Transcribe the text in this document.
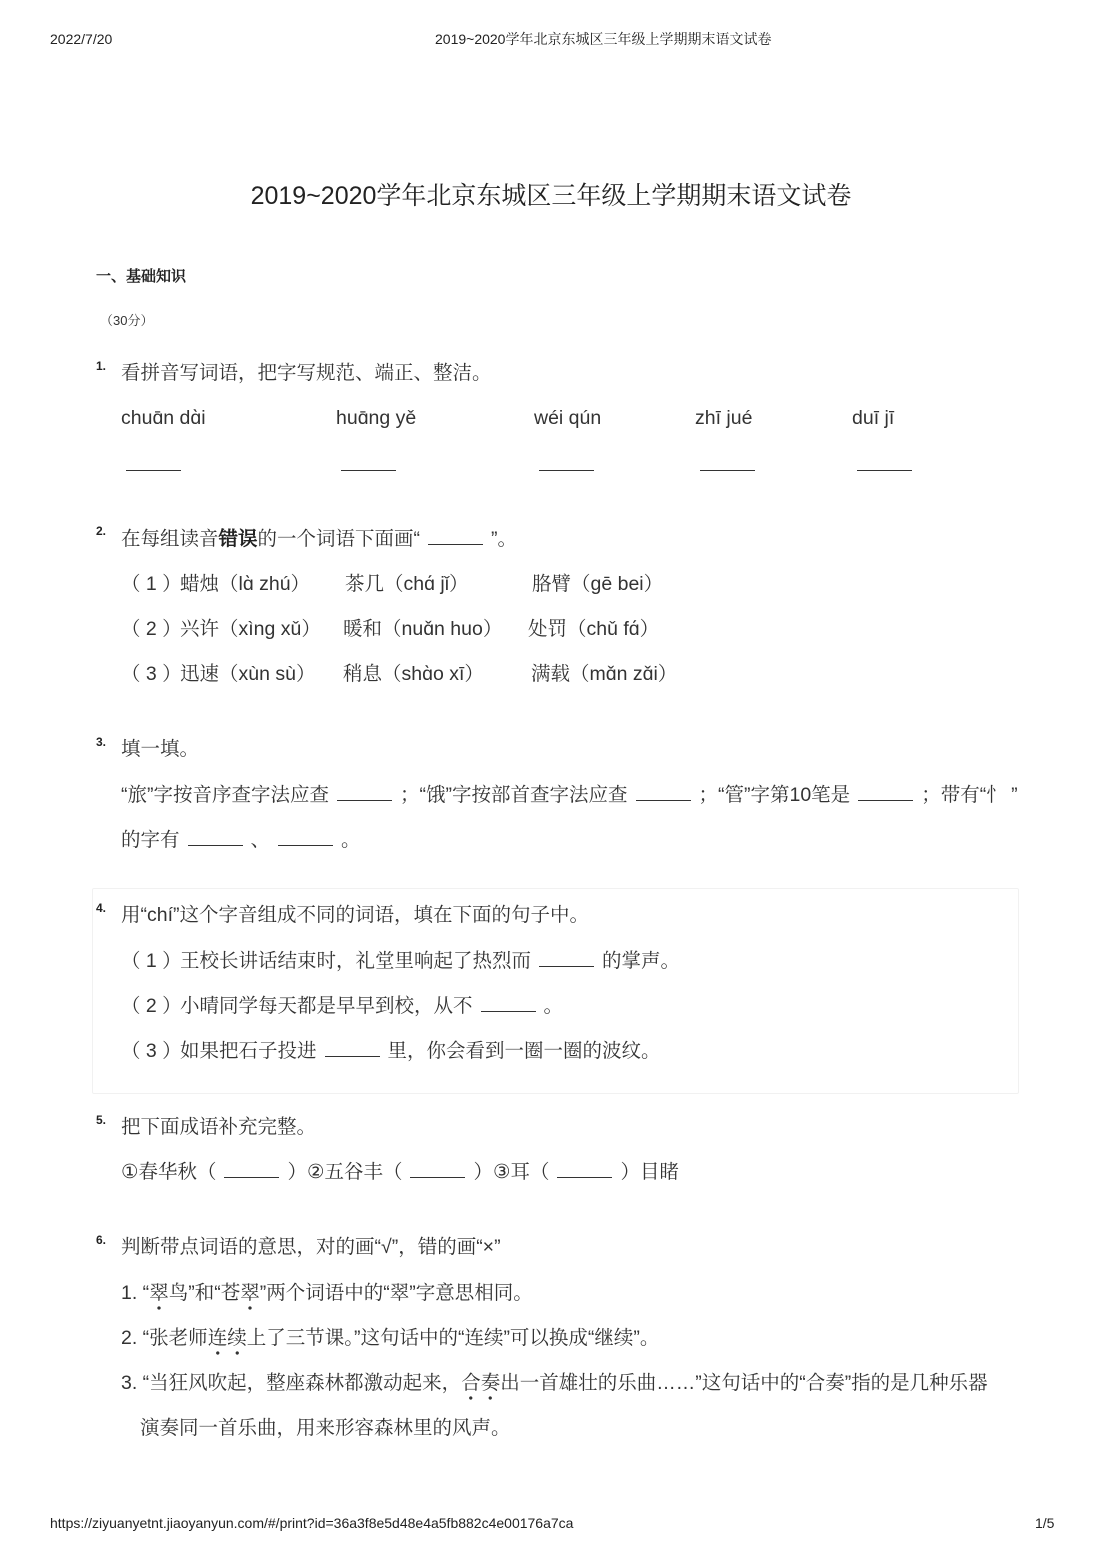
2022/7/20	2019~2020学年北京东城区三年级上学期期末语文试卷
2019~2020学年北京东城区三年级上学期期末语文试卷
一、基础知识
（30分）
1. 看拼音写词语，把字写规范、端正、整洁。
chuɑ̄n dɑ̀i	huɑ̄ng yě	wéi qún	zhī jué	duī jī
2. 在每组读音错误的一个词语下面画“	”。
（ 1 ）
蜡烛（lɑ̀ zhú） 茶几（chɑ́ jǐ）	胳臂（gē bei）
（ 2 ）
兴许（xìng xǔ） 暖和（nuɑ̌n huo） 处罚（chǔ fɑ́）
（ 3 ）
迅速（xùn sù） 稍息（shɑ̀o xī） 满载（mɑ̌n zɑ̌i）
3. 填一填。
“旅”字按音序查字法应查	；“饿”字按部首查字法应查	；“管”字第10笔是	；带有“忄 ”
的字有	、	。
4. 用“chí”这个字音组成不同的词语，填在下面的句子中。
（ 1 ）
王校长讲话结束时，礼堂里响起了热烈而	的掌声。
（ 2 ）
小晴同学每天都是早早到校，从不	。
（ 3 ）
如果把石子投进	里，你会看到一圈一圈的波纹。
5. 把下面成语补充完整。
①春华秋（	）②五谷丰（	）③耳（	）目睹
6. 判断带点词语的意思，对的画“√”，错的画“×”
1. “翠鸟”和“苍翠”两个词语中的“翠”字意思相同。
2. “张老师连续上了三节课。”这句话中的“连续”可以换成“继续”。
3. “当狂风吹起，整座森林都激动起来，合奏出一首雄壮的乐曲……”这句话中的“合奏”指的是几种乐器
演奏同一首乐曲，用来形容森林里的风声。
https://ziyuanyetnt.jiaoyanyun.com/#/print?id=36a3f8e5d48e4a5fb882c4e00176a7ca	1/5
